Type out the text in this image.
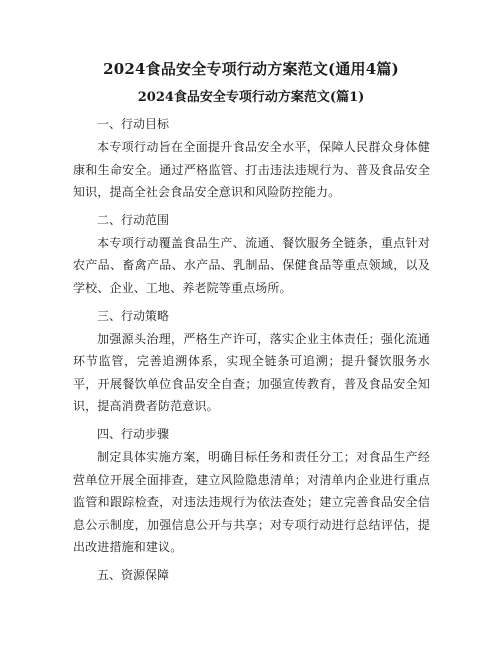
2024食品安全专项行动方案范文(通用4篇)
2024食品安全专项行动方案范文(篇1)

一、行动目标

本专项行动旨在全面提升食品安全水平，保障人民群众身体健康和生命安全。通过严格监管、打击违法违规行为、普及食品安全知识，提高全社会食品安全意识和风险防控能力。

二、行动范围

本专项行动覆盖食品生产、流通、餐饮服务全链条，重点针对农产品、畜禽产品、水产品、乳制品、保健食品等重点领域，以及学校、企业、工地、养老院等重点场所。

三、行动策略

加强源头治理，严格生产许可，落实企业主体责任；强化流通环节监管，完善追溯体系，实现全链条可追溯；提升餐饮服务水平，开展餐饮单位食品安全自查；加强宣传教育，普及食品安全知识，提高消费者防范意识。

四、行动步骤

制定具体实施方案，明确目标任务和责任分工；对食品生产经营单位开展全面排查，建立风险隐患清单；对清单内企业进行重点监管和跟踪检查，对违法违规行为依法查处；建立完善食品安全信息公示制度，加强信息公开与共享；对专项行动进行总结评估，提出改进措施和建议。

五、资源保障
